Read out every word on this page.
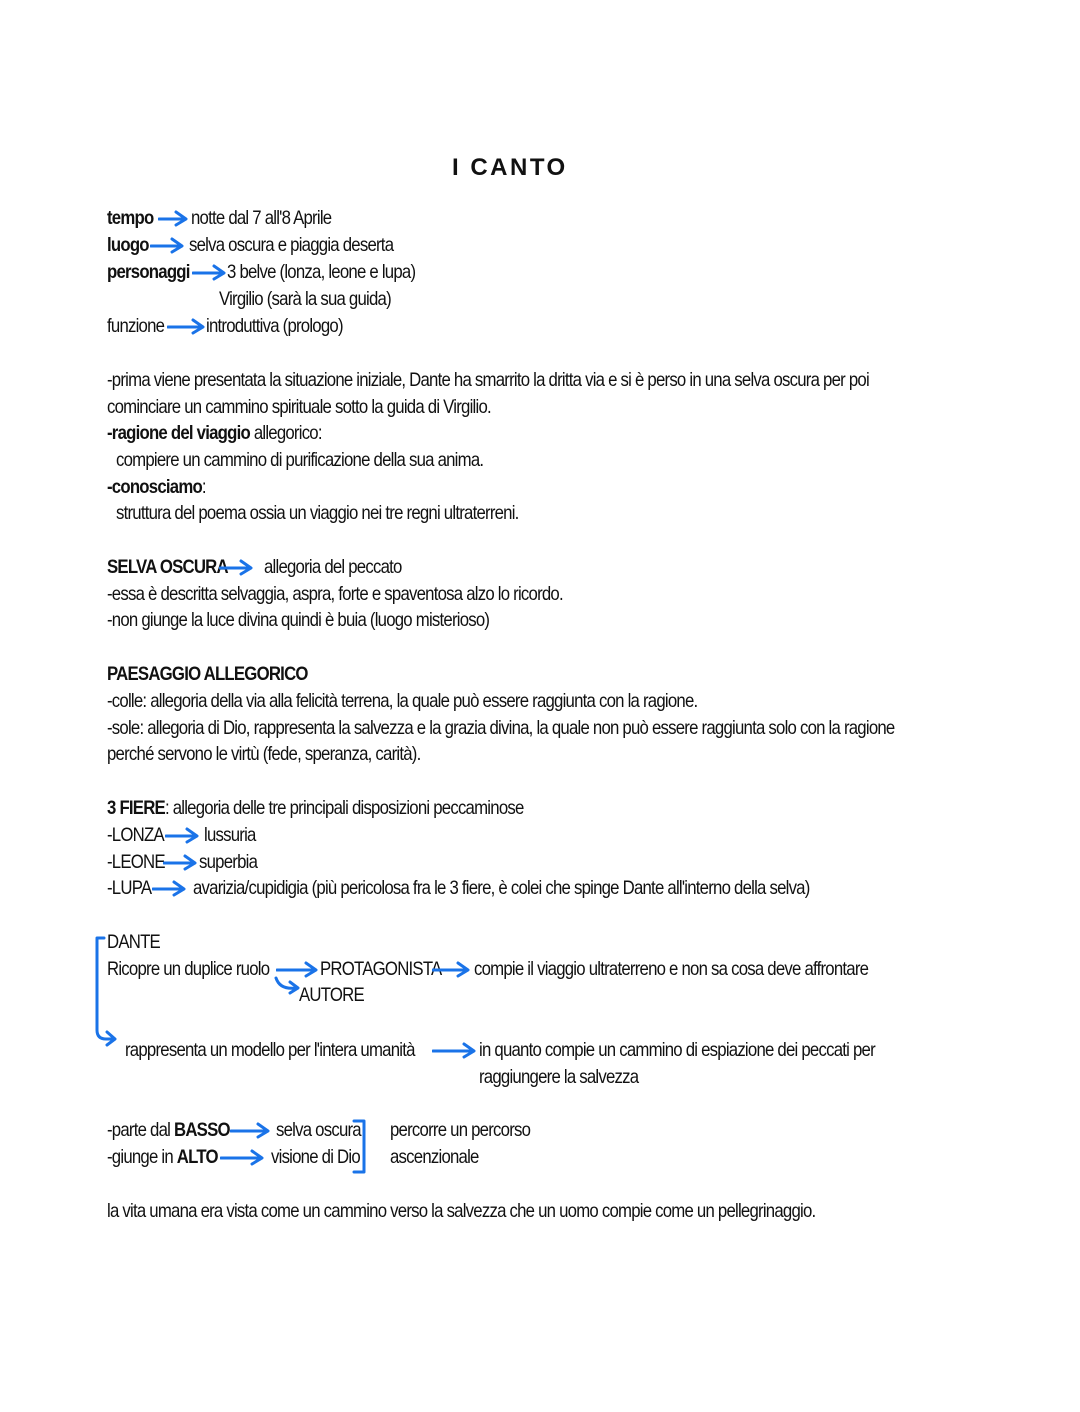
I CANTO
tempo notte dal 7 all'8 Aprile
luogo selva oscura e piaggia deserta
personaggi 3 belve (lonza, leone e lupa)
Virgilio (sarà la sua guida)
funzione introduttiva (prologo)
-prima viene presentata la situazione iniziale, Dante ha smarrito la dritta via e si è perso in una selva oscura per poi
cominciare un cammino spirituale sotto la guida di Virgilio.
-ragione del viaggio allegorico:
compiere un cammino di purificazione della sua anima.
-conosciamo:
struttura del poema ossia un viaggio nei tre regni ultraterreni.
SELVA OSCURA allegoria del peccato
-essa è descritta selvaggia, aspra, forte e spaventosa alzo lo ricordo.
-non giunge la luce divina quindi è buia (luogo misterioso)
PAESAGGIO ALLEGORICO
-colle: allegoria della via alla felicità terrena, la quale può essere raggiunta con la ragione.
-sole: allegoria di Dio, rappresenta la salvezza e la grazia divina, la quale non può essere raggiunta solo con la ragione
perché servono le virtù (fede, speranza, carità).
3 FIERE: allegoria delle tre principali disposizioni peccaminose
-LONZA lussuria
-LEONE superbia
-LUPA avarizia/cupidigia (più pericolosa fra le 3 fiere, è colei che spinge Dante all'interno della selva)
DANTE
Ricopre un duplice ruolo	PROTAGONISTA compie il viaggio ultraterreno e non sa cosa deve affrontare
AUTORE
rappresenta un modello per l'intera umanità	in quanto compie un cammino di espiazione dei peccati per
raggiungere la salvezza
-parte dal BASSO selva oscura
-giunge in ALTO	visione di Dio
percorre un percorso
ascenzionale
la vita umana era vista come un cammino verso la salvezza che un uomo compie come un pellegrinaggio.
